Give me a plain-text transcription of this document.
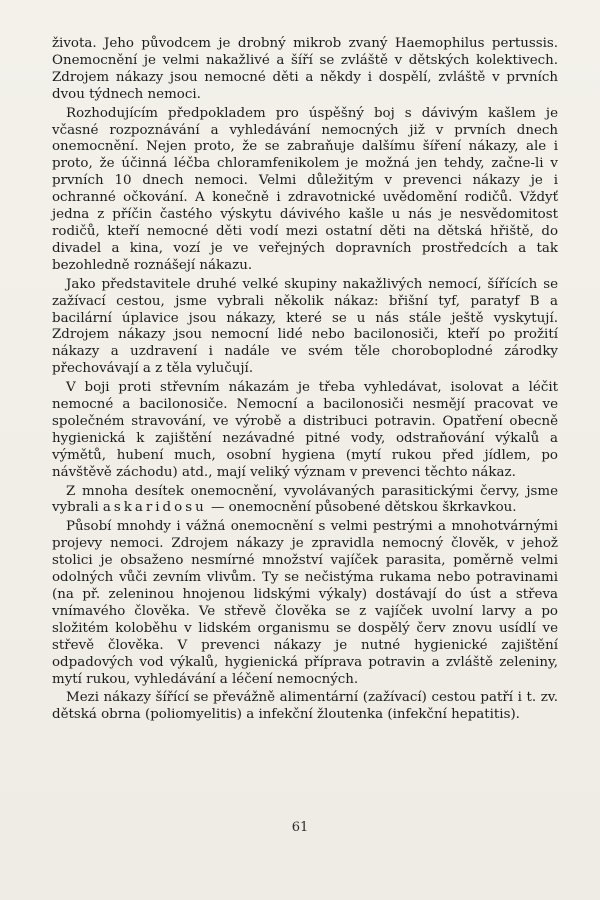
života. Jeho původcem je drobný mikrob zvaný Haemophilus pertussis. Onemocnění je velmi nakažlivé a šíří se zvláště v dětských kolektivech. Zdrojem nákazy jsou nemocné děti a někdy i dospělí, zvláště v prvních dvou týdnech nemoci.

Rozhodujícím předpokladem pro úspěšný boj s dávivým kašlem je včasné rozpoznávání a vyhledávání nemocných již v prvních dnech onemocnění. Nejen proto, že se zabraňuje dalšímu šíření nákazy, ale i proto, že účinná léčba chloramfenikolem je možná jen tehdy, začne-li v prvních 10 dnech nemoci. Velmi důležitým v prevenci nákazy je i ochranné očkování. A konečně i zdravotnické uvědomění rodičů. Vždyť jedna z příčin častého výskytu dávivého kašle u nás je nesvědomitost rodičů, kteří nemocné děti vodí mezi ostatní děti na dětská hřiště, do divadel a kina, vozí je ve veřejných dopravních prostředcích a tak bezohledně roznášejí nákazu.

Jako představitele druhé velké skupiny nakažlivých nemocí, šířících se zažívací cestou, jsme vybrali několik nákaz: břišní tyf, paratyf B a bacilární úplavice jsou nákazy, které se u nás stále ještě vyskytují. Zdrojem nákazy jsou nemocní lidé nebo bacilonosiči, kteří po prožití nákazy a uzdravení i nadále ve svém těle choroboplodné zárodky přechovávají a z těla vylučují.

V boji proti střevním nákazám je třeba vyhledávat, isolovat a léčit nemocné a bacilonosiče. Nemocní a bacilonosiči nesmějí pracovat ve společném stravování, ve výrobě a distribuci potravin. Opatření obecně hygienická k zajištění nezávadné pitné vody, odstraňování výkalů a výmětů, hubení much, osobní hygiena (mytí rukou před jídlem, po návštěvě záchodu) atd., mají veliký význam v prevenci těchto nákaz.

Z mnoha desítek onemocnění, vyvolávaných parasitickými červy, jsme vybrali askaridosu — onemocnění působené dětskou škrkavkou.

Působí mnohdy i vážná onemocnění s velmi pestrými a mnohotvárnými projevy nemoci. Zdrojem nákazy je zpravidla nemocný člověk, v jehož stolici je obsaženo nesmírné množství vajíček parasita, poměrně velmi odolných vůči zevním vlivům. Ty se nečistýma rukama nebo potravinami (na př. zeleninou hnojenou lidskými výkaly) dostávají do úst a střeva vnímavého člověka. Ve střevě člověka se z vajíček uvolní larvy a po složitém koloběhu v lidském organismu se dospělý červ znovu usídlí ve střevě člověka. V prevenci nákazy je nutné hygienické zajištění odpadových vod výkalů, hygienická příprava potravin a zvláště zeleniny, mytí rukou, vyhledávání a léčení nemocných.

Mezi nákazy šířící se převážně alimentární (zažívací) cestou patří i t. zv. dětská obrna (poliomyelitis) a infekční žloutenka (infekční hepatitis).

61
